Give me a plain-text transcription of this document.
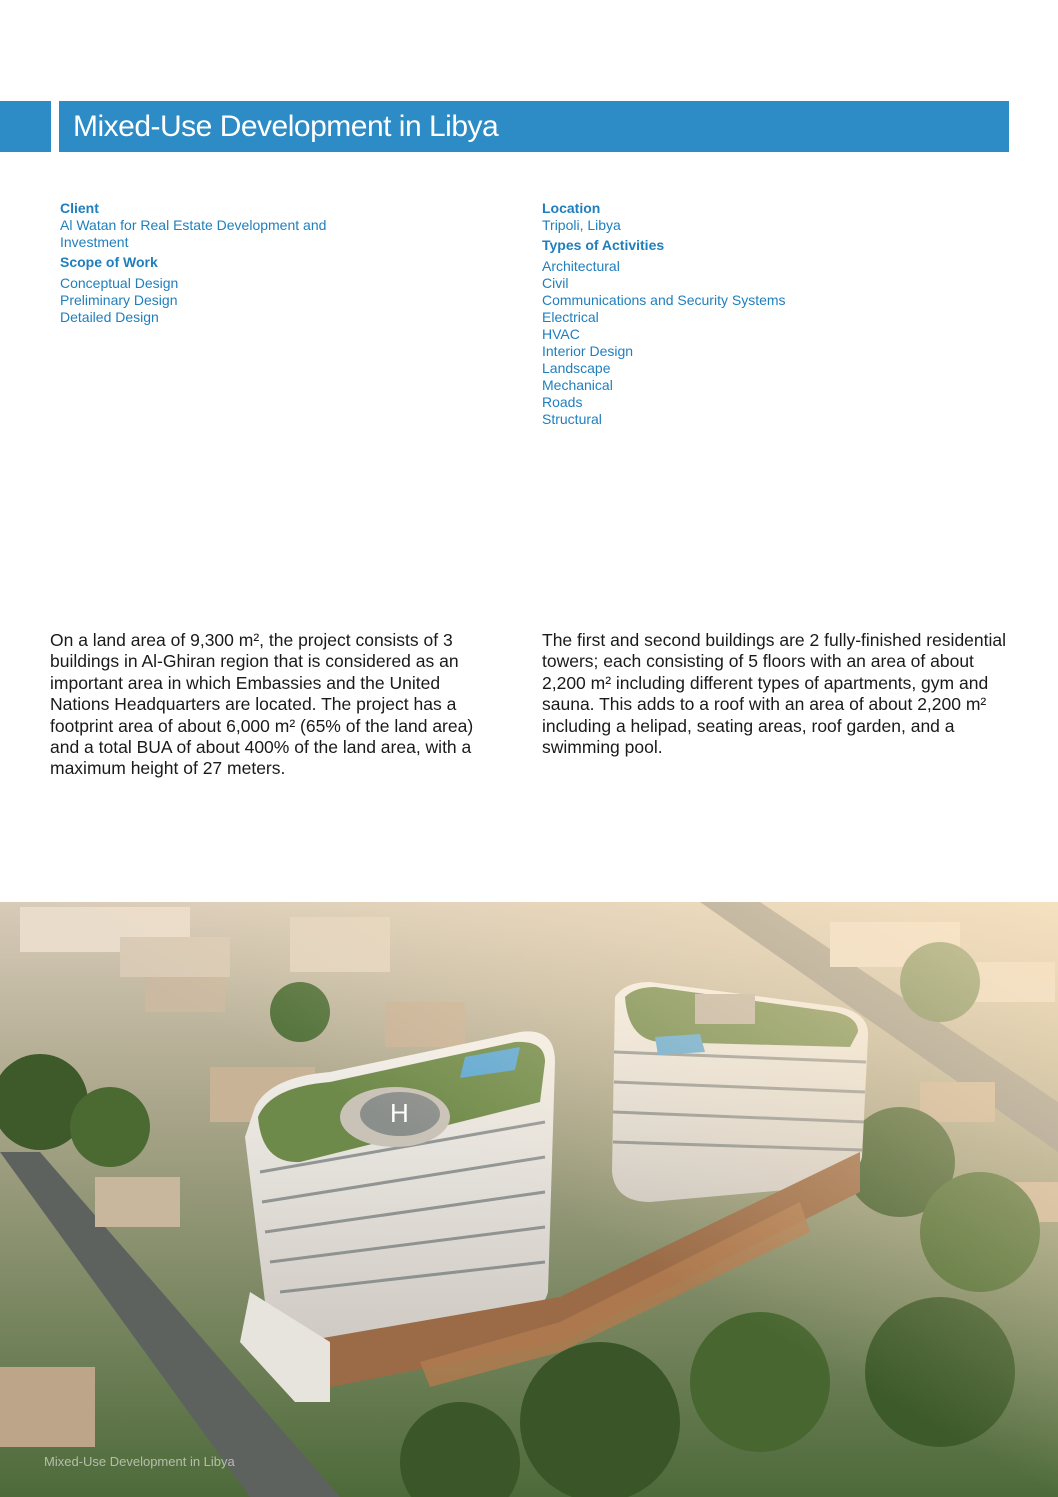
Mixed-Use Development in Libya
Client
Al Watan for Real Estate Development and Investment
Scope of Work
Conceptual Design
Preliminary Design
Detailed Design
Location
Tripoli, Libya
Types of Activities
Architectural
Civil
Communications and Security Systems
Electrical
HVAC
Interior Design
Landscape
Mechanical
Roads
Structural

On a land area of 9,300 m², the project consists of 3 buildings in Al-Ghiran region that is considered as an important area in which Embassies and the United Nations Headquarters are located. The project has a footprint area of about 6,000 m² (65% of the land area) and a total BUA of about 400% of the land area, with a maximum height of 27 meters.

The first and second buildings are 2 fully-finished residential towers; each consisting of 5 floors with an area of about 2,200 m² including different types of apartments, gym and sauna. This adds to a roof with an area of about 2,200 m² including a helipad, seating areas, roof garden, and a swimming pool.

Mixed-Use Development in Libya
